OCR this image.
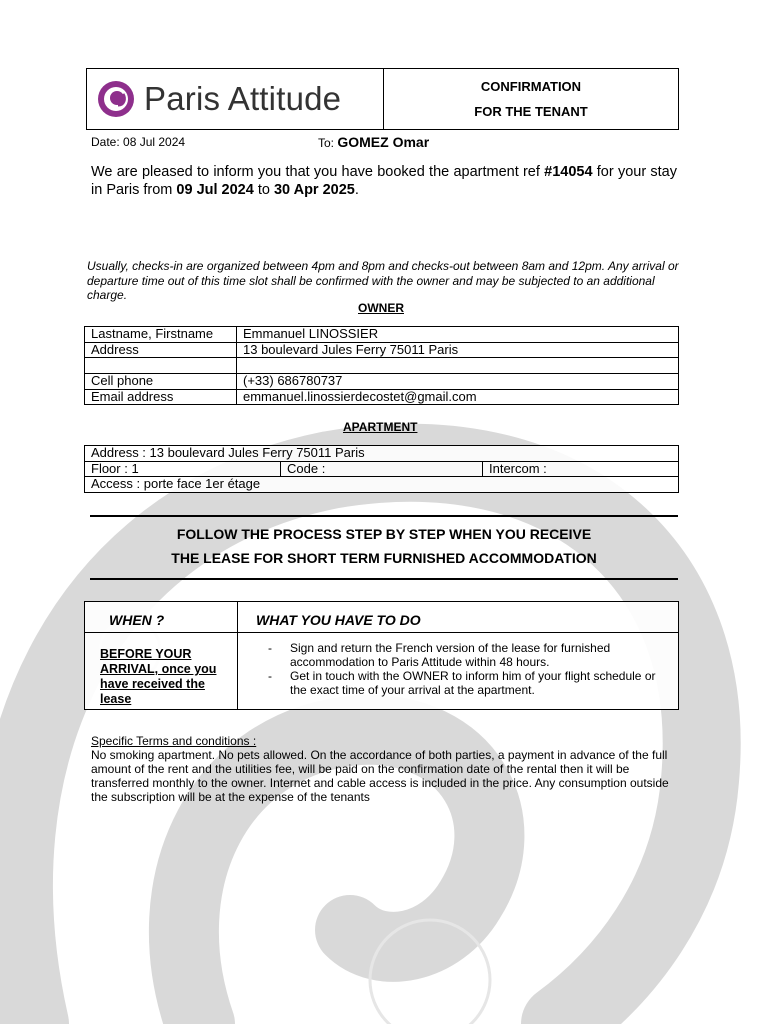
Paris Attitude	CONFIRMATION
FOR THE TENANT
Date: 08 Jul 2024	To: GOMEZ Omar
We are pleased to inform you that you have booked the apartment ref #14054 for your stay in Paris from 09 Jul 2024 to 30 Apr 2025.
Usually, checks-in are organized between 4pm and 8pm and checks-out between 8am and 12pm. Any arrival or departure time out of this time slot shall be confirmed with the owner and may be subjected to an additional charge.
OWNER
Lastname, Firstname	Emmanuel LINOSSIER
Address	13 boulevard Jules Ferry 75011 Paris

Cell phone	(+33) 686780737
Email address	emmanuel.linossierdecostet@gmail.com
APARTMENT
Address : 13 boulevard Jules Ferry 75011 Paris
Floor : 1	Code :	Intercom :
Access : porte face 1er étage
FOLLOW THE PROCESS STEP BY STEP WHEN YOU RECEIVE
THE LEASE FOR SHORT TERM FURNISHED ACCOMMODATION
WHEN ?	WHAT YOU HAVE TO DO
BEFORE YOUR ARRIVAL, once you have received the lease	- Sign and return the French version of the lease for furnished accommodation to Paris Attitude within 48 hours.
- Get in touch with the OWNER to inform him of your flight schedule or the exact time of your arrival at the apartment.
Specific Terms and conditions :
No smoking apartment. No pets allowed. On the accordance of both parties, a payment in advance of the full amount of the rent and the utilities fee, will be paid on the confirmation date of the rental then it will be transferred monthly to the owner. Internet and cable access is included in the price. Any consumption outside the subscription will be at the expense of the tenants
